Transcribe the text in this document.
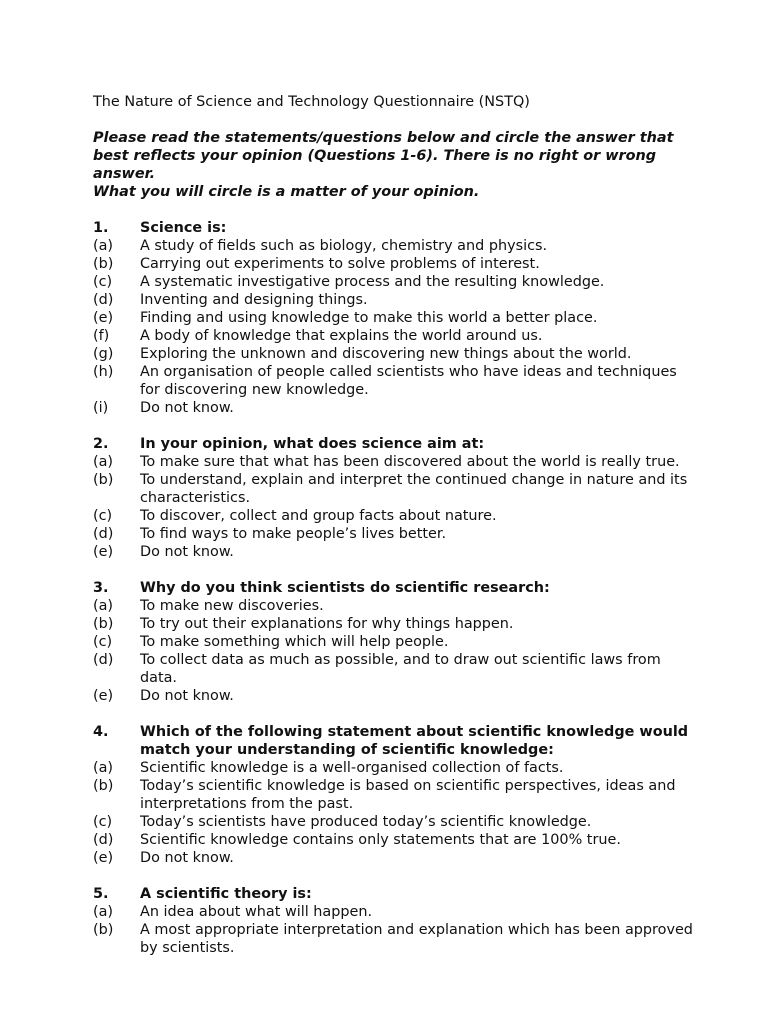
The Nature of Science and Technology Questionnaire (NSTQ)

Please read the statements/questions below and circle the answer that best reflects your opinion (Questions 1-6). There is no right or wrong answer.

What you will circle is a matter of your opinion.

1.	Science is:
(a)	A study of fields such as biology, chemistry and physics.
(b)	Carrying out experiments to solve problems of interest.
(c)	A systematic investigative process and the resulting knowledge.
(d)	Inventing and designing things.
(e)	Finding and using knowledge to make this world a better place.
(f)	A body of knowledge that explains the world around us.
(g)	Exploring the unknown and discovering new things about the world.
(h)	An organisation of people called scientists who have ideas and techniques for discovering new knowledge.
(i)	Do not know.
2.	In your opinion, what does science aim at:
(a)	To make sure that what has been discovered about the world is really true.
(b)	To understand, explain and interpret the continued change in nature and its characteristics.
(c)	To discover, collect and group facts about nature.
(d)	To find ways to make people’s lives better.
(e)	Do not know.
3.	Why do you think scientists do scientific research:
(a)	To make new discoveries.
(b)	To try out their explanations for why things happen.
(c)	To make something which will help people.
(d)	To collect data as much as possible, and to draw out scientific laws from data.
(e)	Do not know.
4.	Which of the following statement about scientific knowledge would match your understanding of scientific knowledge:
(a)	Scientific knowledge is a well-organised collection of facts.
(b)	Today’s scientific knowledge is based on scientific perspectives, ideas and interpretations from the past.
(c)	Today’s scientists have produced today’s scientific knowledge.
(d)	Scientific knowledge contains only statements that are 100% true.
(e)	Do not know.
5.	A scientific theory is:
(a)	An idea about what will happen.
(b)	A most appropriate interpretation and explanation which has been approved by scientists.
